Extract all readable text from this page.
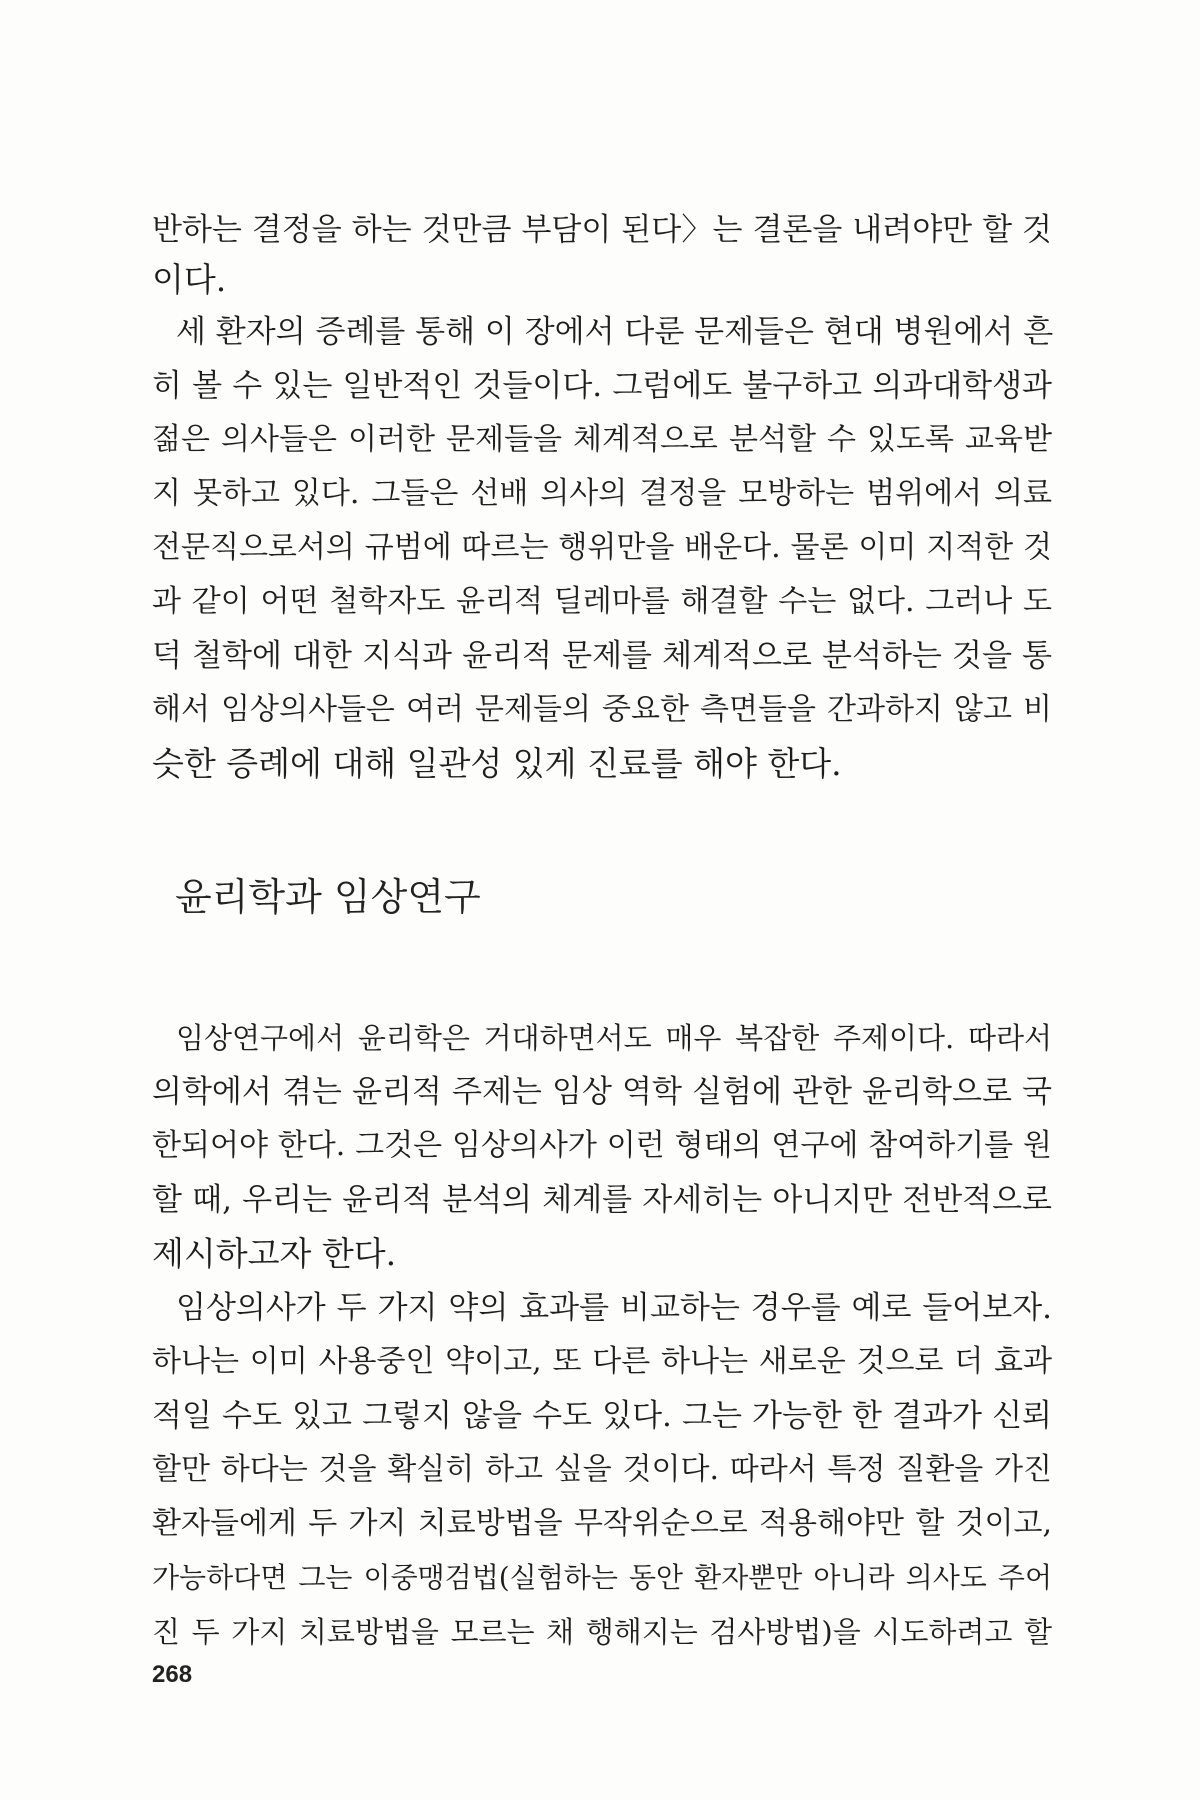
반하는 결정을 하는 것만큼 부담이 된다〉는 결론을 내려야만 할 것
이다.
세 환자의 증례를 통해 이 장에서 다룬 문제들은 현대 병원에서 흔
히 볼 수 있는 일반적인 것들이다. 그럼에도 불구하고 의과대학생과
젊은 의사들은 이러한 문제들을 체계적으로 분석할 수 있도록 교육받
지 못하고 있다. 그들은 선배 의사의 결정을 모방하는 범위에서 의료
전문직으로서의 규범에 따르는 행위만을 배운다. 물론 이미 지적한 것
과 같이 어떤 철학자도 윤리적 딜레마를 해결할 수는 없다. 그러나 도
덕 철학에 대한 지식과 윤리적 문제를 체계적으로 분석하는 것을 통
해서 임상의사들은 여러 문제들의 중요한 측면들을 간과하지 않고 비
슷한 증례에 대해 일관성 있게 진료를 해야 한다.
윤리학과 임상연구
임상연구에서 윤리학은 거대하면서도 매우 복잡한 주제이다. 따라서
의학에서 겪는 윤리적 주제는 임상 역학 실험에 관한 윤리학으로 국
한되어야 한다. 그것은 임상의사가 이런 형태의 연구에 참여하기를 원
할 때, 우리는 윤리적 분석의 체계를 자세히는 아니지만 전반적으로
제시하고자 한다.
임상의사가 두 가지 약의 효과를 비교하는 경우를 예로 들어보자.
하나는 이미 사용중인 약이고, 또 다른 하나는 새로운 것으로 더 효과
적일 수도 있고 그렇지 않을 수도 있다. 그는 가능한 한 결과가 신뢰
할만 하다는 것을 확실히 하고 싶을 것이다. 따라서 특정 질환을 가진
환자들에게 두 가지 치료방법을 무작위순으로 적용해야만 할 것이고,
가능하다면 그는 이중맹검법(실험하는 동안 환자뿐만 아니라 의사도 주어
진 두 가지 치료방법을 모르는 채 행해지는 검사방법)을 시도하려고 할
268
